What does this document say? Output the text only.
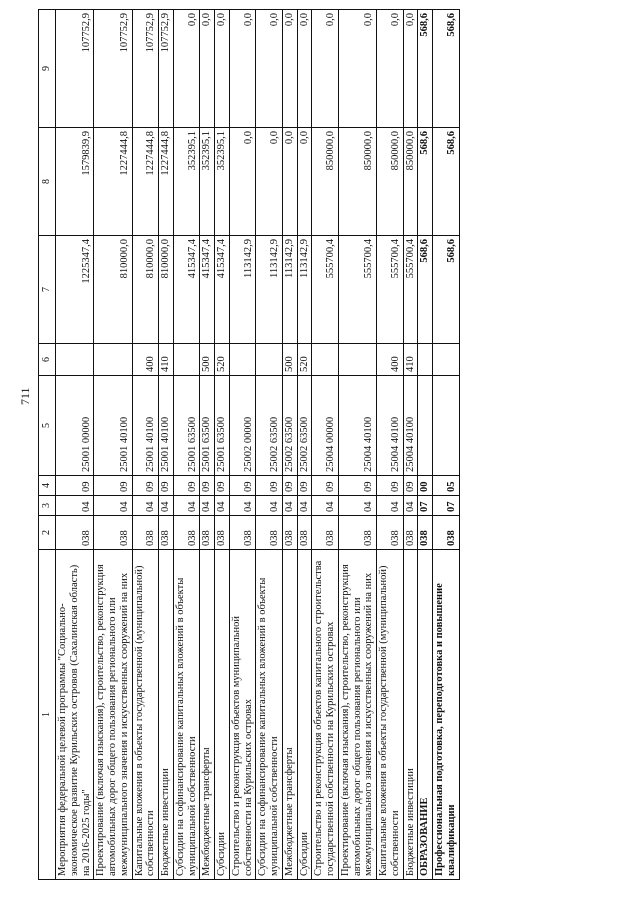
711
1	2	3	4	5	6	7	8	9
Мероприятия федеральной целевой программы "Социально-экономическое развитие Курильских островов (Сахалинская область) на 2016-2025 годы"	038	04	09	25001 00000		1225347,4	1579839,9	107752,9
Проектирование (включая изыскания), строительство, реконструкция автомобильных дорог общего пользования регионального или межмуниципального значения и искусственных сооружений на них	038	04	09	25001 40100		810000,0	1227444,8	107752,9
Капитальные вложения в объекты государственной (муниципальной) собственности	038	04	09	25001 40100	400	810000,0	1227444,8	107752,9
Бюджетные инвестиции	038	04	09	25001 40100	410	810000,0	1227444,8	107752,9
Субсидии на софинансирование капитальных вложений в объекты муниципальной собственности	038	04	09	25001 63500		415347,4	352395,1	0,0
Межбюджетные трансферты	038	04	09	25001 63500	500	415347,4	352395,1	0,0
Субсидии	038	04	09	25001 63500	520	415347,4	352395,1	0,0
Строительство и реконструкция объектов муниципальной собственности на Курильских островах	038	04	09	25002 00000		113142,9	0,0	0,0
Субсидии на софинансирование капитальных вложений в объекты муниципальной собственности	038	04	09	25002 63500		113142,9	0,0	0,0
Межбюджетные трансферты	038	04	09	25002 63500	500	113142,9	0,0	0,0
Субсидии	038	04	09	25002 63500	520	113142,9	0,0	0,0
Строительство и реконструкция объектов капитального строительства государственной собственности на Курильских островах	038	04	09	25004 00000		555700,4	850000,0	0,0
Проектирование (включая изыскания), строительство, реконструкция автомобильных дорог общего пользования регионального или межмуниципального значения и искусственных сооружений на них	038	04	09	25004 40100		555700,4	850000,0	0,0
Капитальные вложения в объекты государственной (муниципальной) собственности	038	04	09	25004 40100	400	555700,4	850000,0	0,0
Бюджетные инвестиции	038	04	09	25004 40100	410	555700,4	850000,0	0,0
ОБРАЗОВАНИЕ	038	07	00			568,6	568,6	568,6
Профессиональная подготовка, переподготовка и повышение квалификации	038	07	05			568,6	568,6	568,6
